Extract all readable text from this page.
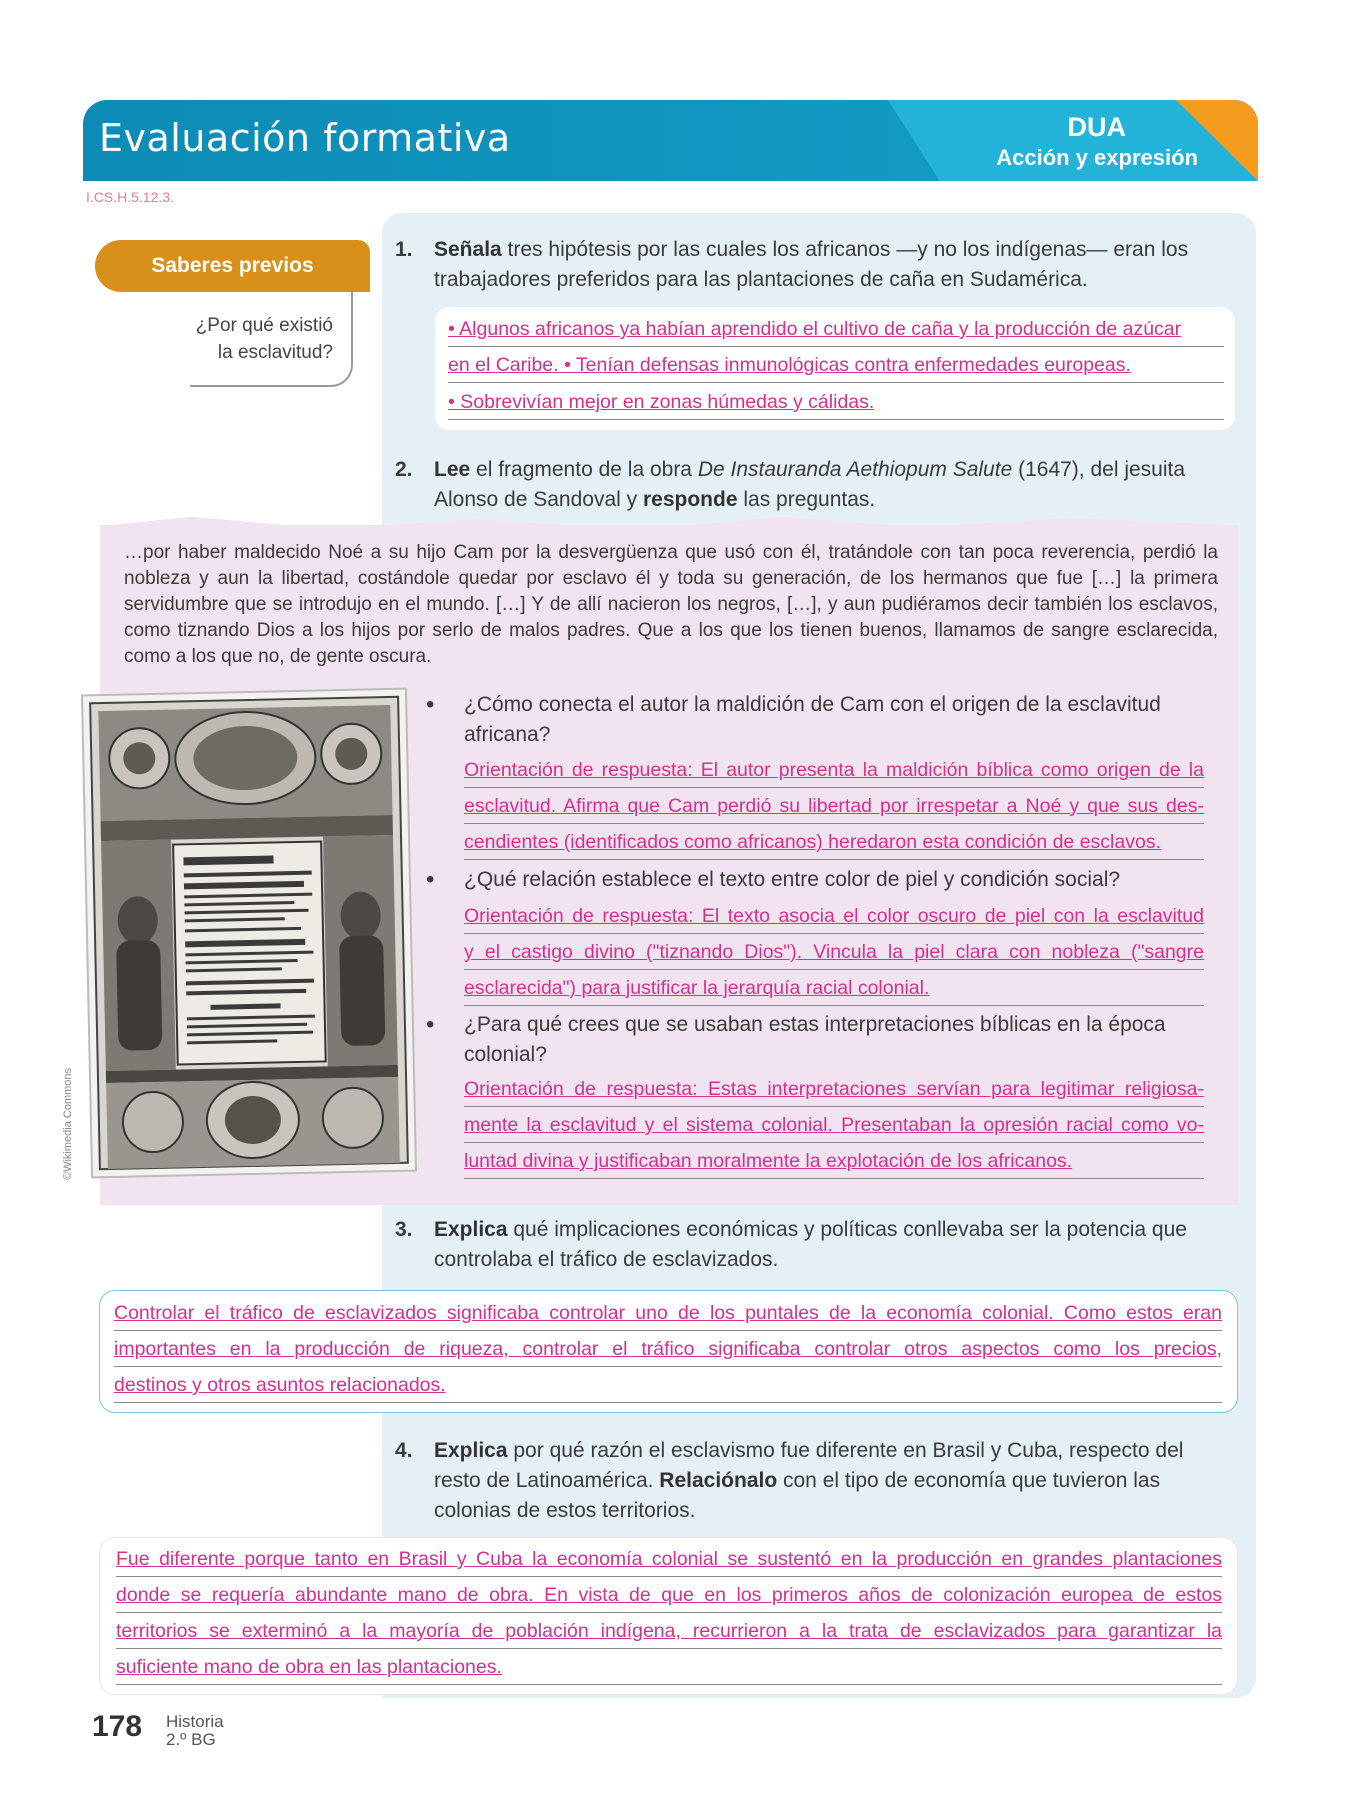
Evaluación formativa	DUA
Acción y expresión
I.CS.H.5.12.3.
Saberes previos
¿Por qué existió
la esclavitud?
1. Señala tres hipótesis por las cuales los africanos —y no los indígenas— eran los
trabajadores preferidos para las plantaciones de caña en Sudamérica.
• Algunos africanos ya habían aprendido el cultivo de caña y la producción de azúcar
en el Caribe. • Tenían defensas inmunológicas contra enfermedades europeas.
• Sobrevivían mejor en zonas húmedas y cálidas.
2. Lee el fragmento de la obra De Instauranda Aethiopum Salute (1647), del jesuita
Alonso de Sandoval y responde las preguntas.
…por haber maldecido Noé a su hijo Cam por la desvergüenza que usó con él, tratándole con tan poca reverencia, perdió la nobleza y aun la libertad, costándole quedar por esclavo él y toda su generación, de los hermanos que fue […] la primera servidumbre que se introdujo en el mundo. […] Y de allí nacieron los negros, […], y aun pudiéramos decir también los esclavos, como tiznando Dios a los hijos por serlo de malos padres. Que a los que los tienen buenos, llamamos de sangre esclarecida, como a los que no, de gente oscura.
©Wikimedia Commons
• ¿Cómo conecta el autor la maldición de Cam con el origen de la esclavitud
africana?
Orientación de respuesta: El autor presenta la maldición bíblica como origen de la
esclavitud. Afirma que Cam perdió su libertad por irrespetar a Noé y que sus des-
cendientes (identificados como africanos) heredaron esta condición de esclavos.
• ¿Qué relación establece el texto entre color de piel y condición social?
Orientación de respuesta: El texto asocia el color oscuro de piel con la esclavitud
y el castigo divino ("tiznando Dios"). Vincula la piel clara con nobleza ("sangre
esclarecida") para justificar la jerarquía racial colonial.
• ¿Para qué crees que se usaban estas interpretaciones bíblicas en la época
colonial?
Orientación de respuesta: Estas interpretaciones servían para legitimar religiosa-
mente la esclavitud y el sistema colonial. Presentaban la opresión racial como vo-
luntad divina y justificaban moralmente la explotación de los africanos.
3. Explica qué implicaciones económicas y políticas conllevaba ser la potencia que
controlaba el tráfico de esclavizados.
Controlar el tráfico de esclavizados significaba controlar uno de los puntales de la economía colonial. Como estos eran
importantes en la producción de riqueza, controlar el tráfico significaba controlar otros aspectos como los precios,
destinos y otros asuntos relacionados.
4. Explica por qué razón el esclavismo fue diferente en Brasil y Cuba, respecto del
resto de Latinoamérica. Relaciónalo con el tipo de economía que tuvieron las
colonias de estos territorios.
Fue diferente porque tanto en Brasil y Cuba la economía colonial se sustentó en la producción en grandes plantaciones
donde se requería abundante mano de obra. En vista de que en los primeros años de colonización europea de estos
territorios se exterminó a la mayoría de población indígena, recurrieron a la trata de esclavizados para garantizar la
suficiente mano de obra en las plantaciones.
178 Historia
2.º BG
